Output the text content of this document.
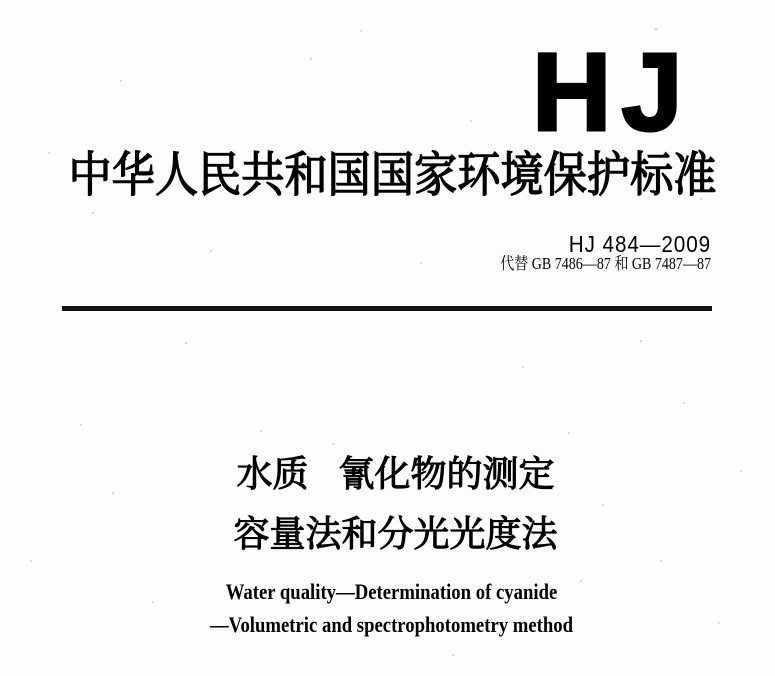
HJ
中华人民共和国国家环境保护标准
HJ 484—2009
代替 GB 7486—87 和 GB 7487—87
水质 氰化物的测定
容量法和分光光度法
Water quality—Determination of cyanide
—Volumetric and spectrophotometry method
